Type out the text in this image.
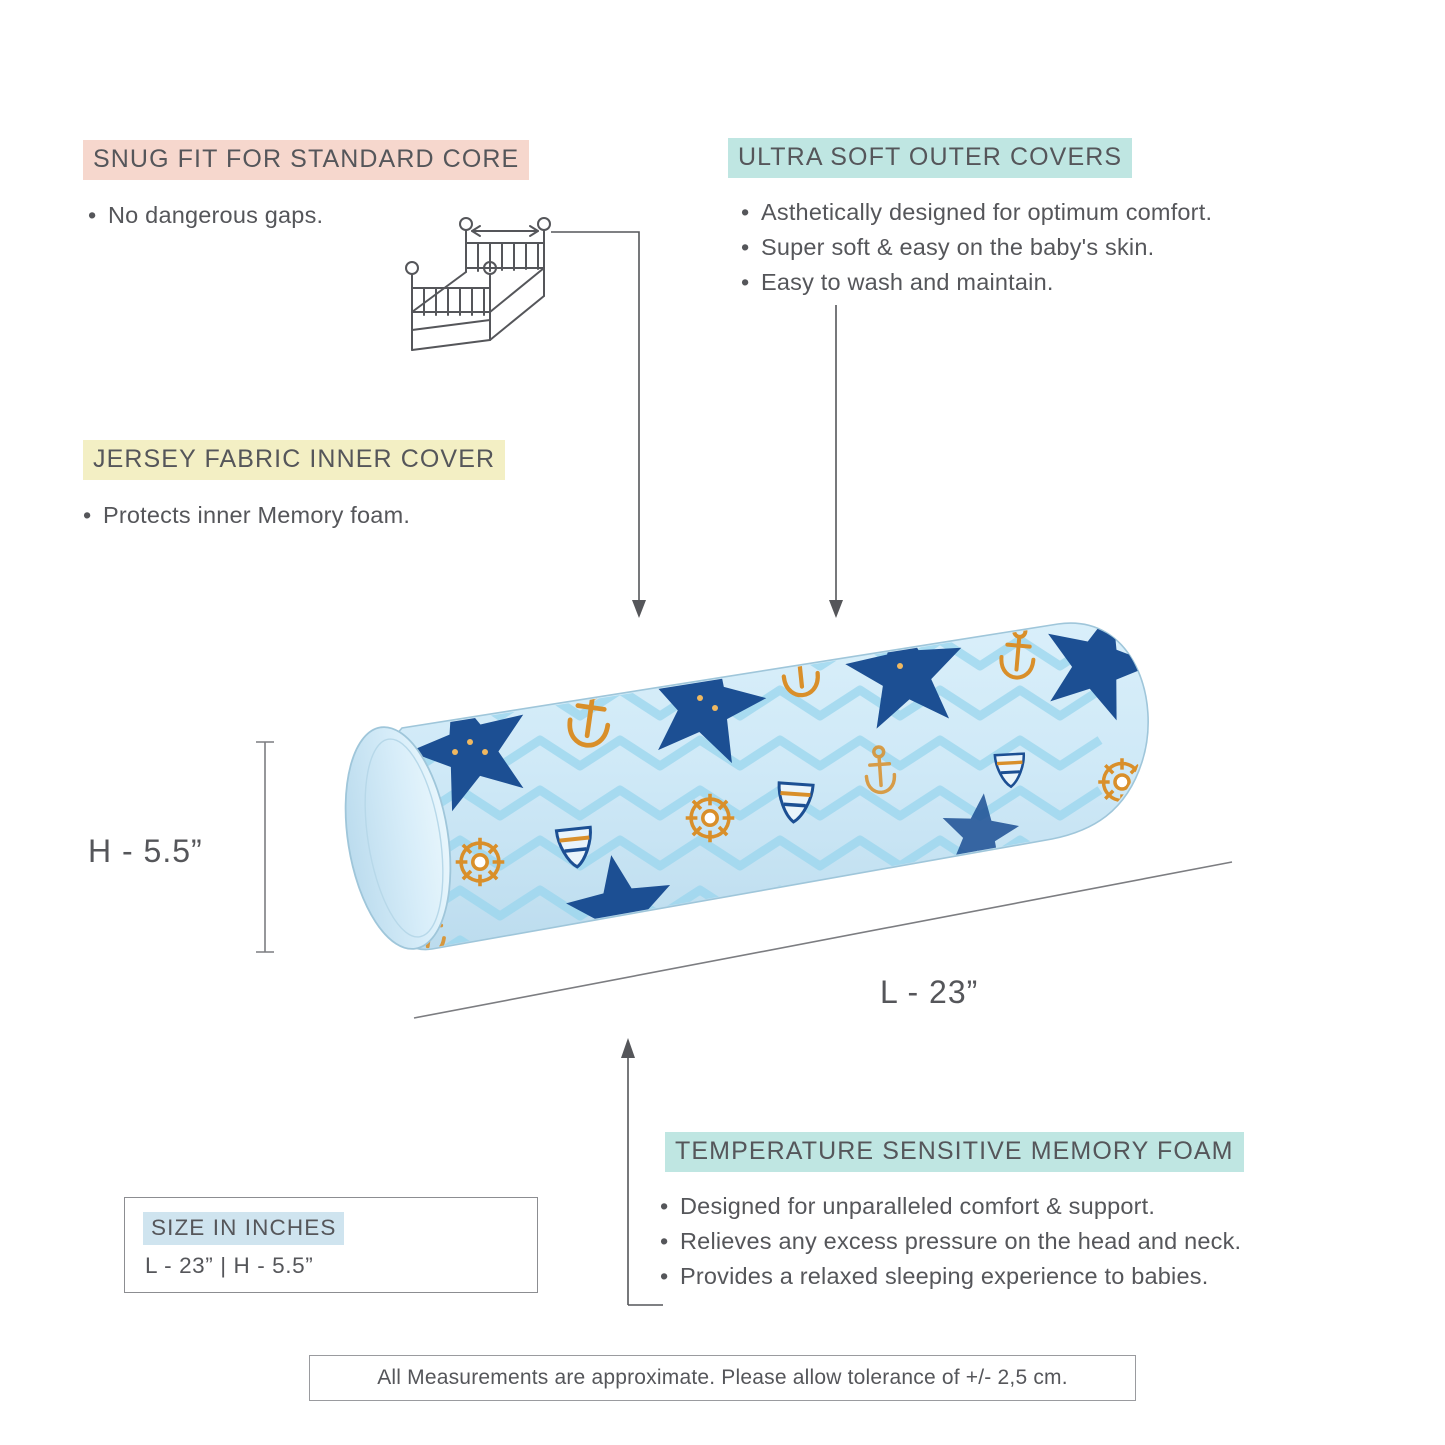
SNUG FIT FOR STANDARD CORE
• No dangerous gaps.
JERSEY FABRIC INNER COVER
• Protects inner Memory foam.
ULTRA SOFT OUTER COVERS
• Asthetically designed for optimum comfort.
• Super soft & easy on the baby's skin.
• Easy to wash and maintain.
TEMPERATURE SENSITIVE MEMORY FOAM
• Designed for unparalleled comfort & support.
• Relieves any excess pressure on the head and neck.
• Provides a relaxed sleeping experience to babies.
H - 5.5”
L - 23”
SIZE IN INCHES
L - 23” | H - 5.5”
All Measurements are approximate. Please allow tolerance of +/- 2,5 cm.
